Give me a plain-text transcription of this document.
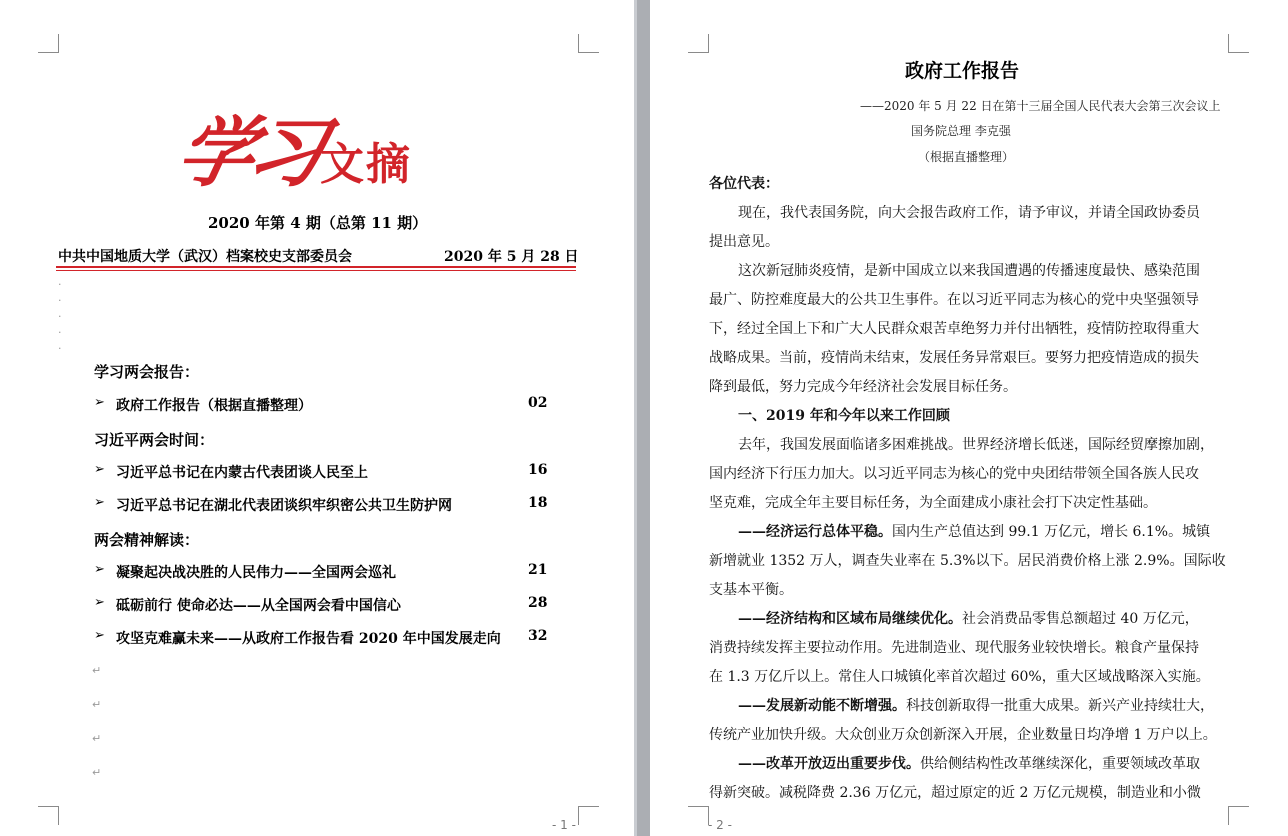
学习
文摘
2020 年第 4 期（总第 11 期）
中共中国地质大学（武汉）档案校史支部委员会	2020 年 5 月 28 日
·
·
·
·
·
学习两会报告：
➢ 政府工作报告（根据直播整理）	02
习近平两会时间：
➢ 习近平总书记在内蒙古代表团谈人民至上	16
➢ 习近平总书记在湖北代表团谈织牢织密公共卫生防护网	18
两会精神解读：
➢ 凝聚起决战决胜的人民伟力——全国两会巡礼	21
➢ 砥砺前行 使命必达——从全国两会看中国信心	28
➢ 攻坚克难赢未来——从政府工作报告看 2020 年中国发展走向 32
↵
↵
↵
↵
- 1 -
政府工作报告
——2020 年 5 月 22 日在第十三届全国人民代表大会第三次会议上
国务院总理 李克强
（根据直播整理）
各位代表：
现在，我代表国务院，向大会报告政府工作，请予审议，并请全国政协委员
提出意见。
这次新冠肺炎疫情，是新中国成立以来我国遭遇的传播速度最快、感染范围
最广、防控难度最大的公共卫生事件。在以习近平同志为核心的党中央坚强领导
下，经过全国上下和广大人民群众艰苦卓绝努力并付出牺牲，疫情防控取得重大
战略成果。当前，疫情尚未结束，发展任务异常艰巨。要努力把疫情造成的损失
降到最低，努力完成今年经济社会发展目标任务。
一、2019 年和今年以来工作回顾
去年，我国发展面临诸多困难挑战。世界经济增长低迷，国际经贸摩擦加剧，
国内经济下行压力加大。以习近平同志为核心的党中央团结带领全国各族人民攻
坚克难，完成全年主要目标任务，为全面建成小康社会打下决定性基础。
——经济运行总体平稳。国内生产总值达到 99.1 万亿元，增长 6.1%。城镇
新增就业 1352 万人，调查失业率在 5.3%以下。居民消费价格上涨 2.9%。国际收
支基本平衡。
——经济结构和区域布局继续优化。社会消费品零售总额超过 40 万亿元，
消费持续发挥主要拉动作用。先进制造业、现代服务业较快增长。粮食产量保持
在 1.3 万亿斤以上。常住人口城镇化率首次超过 60%，重大区域战略深入实施。
——发展新动能不断增强。科技创新取得一批重大成果。新兴产业持续壮大，
传统产业加快升级。大众创业万众创新深入开展，企业数量日均净增 1 万户以上。
——改革开放迈出重要步伐。供给侧结构性改革继续深化，重要领域改革取
得新突破。减税降费 2.36 万亿元，超过原定的近 2 万亿元规模，制造业和小微
- 2 -
